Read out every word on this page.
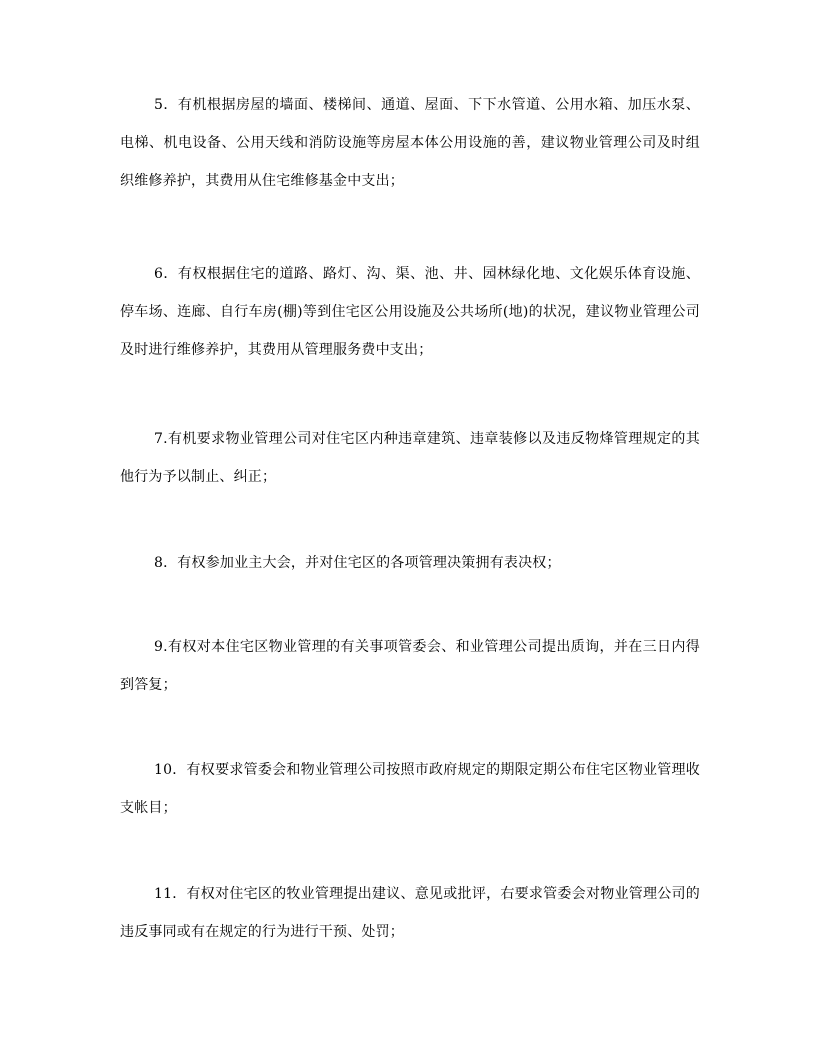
5．有机根据房屋的墙面、楼梯间、通道、屋面、下下水管道、公用水箱、加压水泵、电梯、机电设备、公用天线和消防设施等房屋本体公用设施的善，建议物业管理公司及时组织维修养护，其费用从住宅维修基金中支出；

6．有权根据住宅的道路、路灯、沟、渠、池、井、园林绿化地、文化娱乐体育设施、停车场、连廊、自行车房(棚)等到住宅区公用设施及公共场所(地)的状况，建议物业管理公司及时进行维修养护，其费用从管理服务费中支出；

7.有机要求物业管理公司对住宅区内种违章建筑、违章装修以及违反物烽管理规定的其他行为予以制止、纠正；

8．有权参加业主大会，并对住宅区的各项管理决策拥有表决权；

9.有权对本住宅区物业管理的有关事项管委会、和业管理公司提出质询，并在三日内得到答复；

10．有权要求管委会和物业管理公司按照市政府规定的期限定期公布住宅区物业管理收支帐目；

11．有权对住宅区的牧业管理提出建议、意见或批评，右要求管委会对物业管理公司的违反事同或有在规定的行为进行干预、处罚；
